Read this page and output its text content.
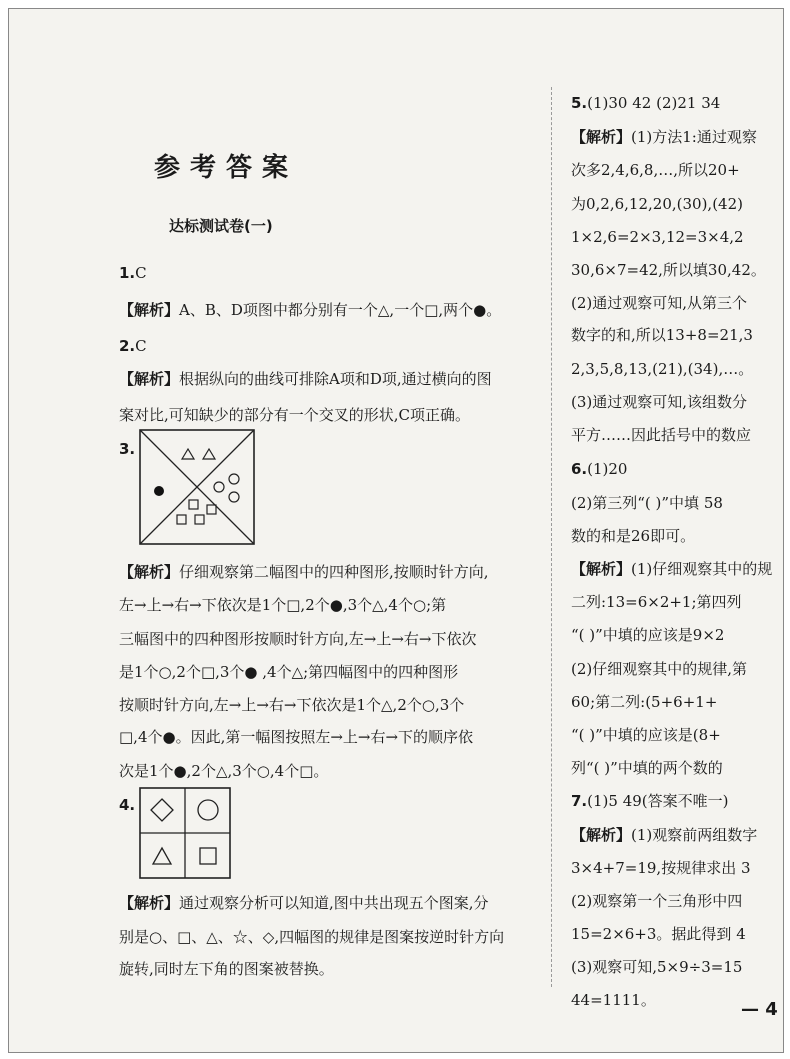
参考答案
达标测试卷(一)
1.C
【解析】A、B、D项图中都分别有一个△,一个□,两个●。
2.C
【解析】根据纵向的曲线可排除A项和D项,通过横向的图
案对比,可知缺少的部分有一个交叉的形状,C项正确。
3.
【解析】仔细观察第二幅图中的四种图形,按顺时针方向,
左→上→右→下依次是1个□,2个●,3个△,4个○;第
三幅图中的四种图形按顺时针方向,左→上→右→下依次
是1个○,2个□,3个● ,4个△;第四幅图中的四种图形
按顺时针方向,左→上→右→下依次是1个△,2个○,3个
□,4个●。因此,第一幅图按照左→上→右→下的顺序依
次是1个●,2个△,3个○,4个□。
4.
【解析】通过观察分析可以知道,图中共出现五个图案,分
别是○、□、△、☆、◇,四幅图的规律是图案按逆时针方向
旋转,同时左下角的图案被替换。
5.(1)30 42 (2)21 34
【解析】(1)方法1:通过观察
次多2,4,6,8,…,所以20+
为0,2,6,12,20,(30),(42)
1×2,6=2×3,12=3×4,2
30,6×7=42,所以填30,42。
(2)通过观察可知,从第三个
数字的和,所以13+8=21,3
2,3,5,8,13,(21),(34),…。
(3)通过观察可知,该组数分
平方……因此括号中的数应
6.(1)20
(2)第三列“( )”中填 58
数的和是26即可。
【解析】(1)仔细观察其中的规
二列:13=6×2+1;第四列
“( )”中填的应该是9×2
(2)仔细观察其中的规律,第
60;第二列:(5+6+1+
“( )”中填的应该是(8+
列“( )”中填的两个数的
7.(1)5 49(答案不唯一)
【解析】(1)观察前两组数字
3×4+7=19,按规律求出 3
(2)观察第一个三角形中四
15=2×6+3。据此得到 4
(3)观察可知,5×9÷3=15
44=1111。	— 4
